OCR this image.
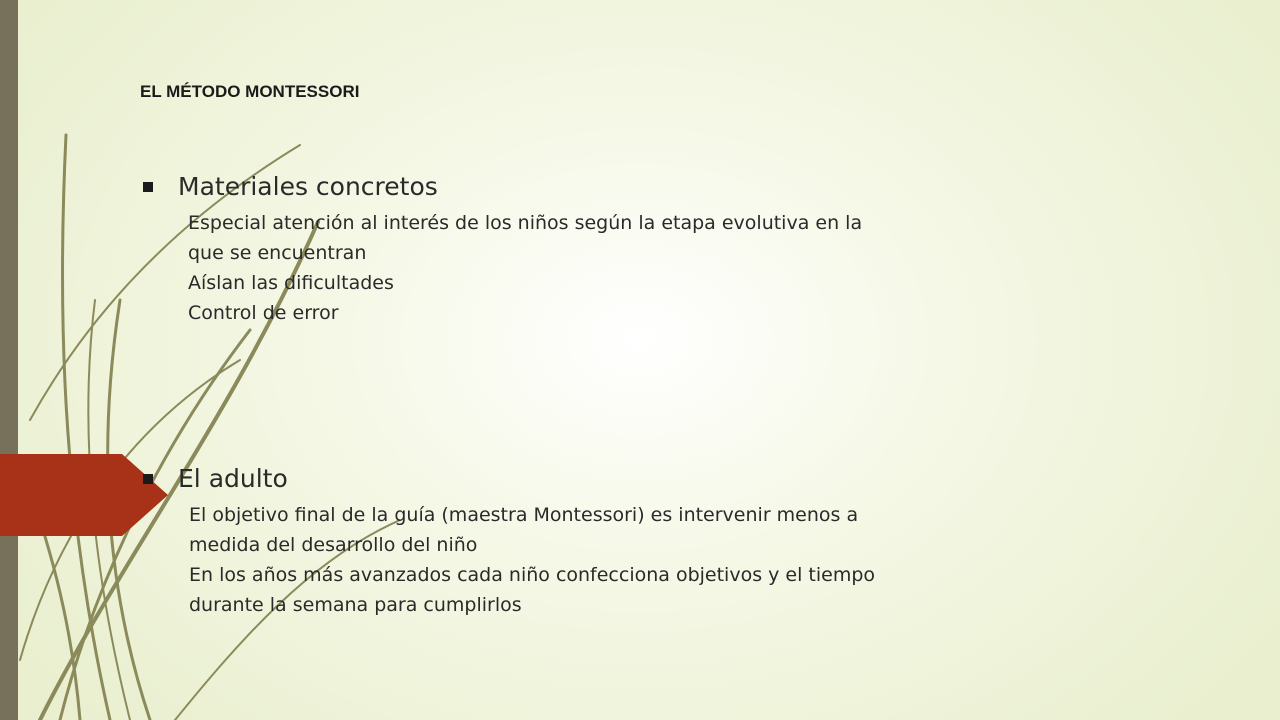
EL MÉTODO MONTESSORI
Materiales concretos
Especial atención al interés de los niños según la etapa evolutiva en la
que se encuentran
Aíslan las dificultades
Control de error
El adulto
El objetivo final de la guía (maestra Montessori) es intervenir menos a
medida del desarrollo del niño
En los años más avanzados cada niño confecciona objetivos y el tiempo
durante la semana para cumplirlos
